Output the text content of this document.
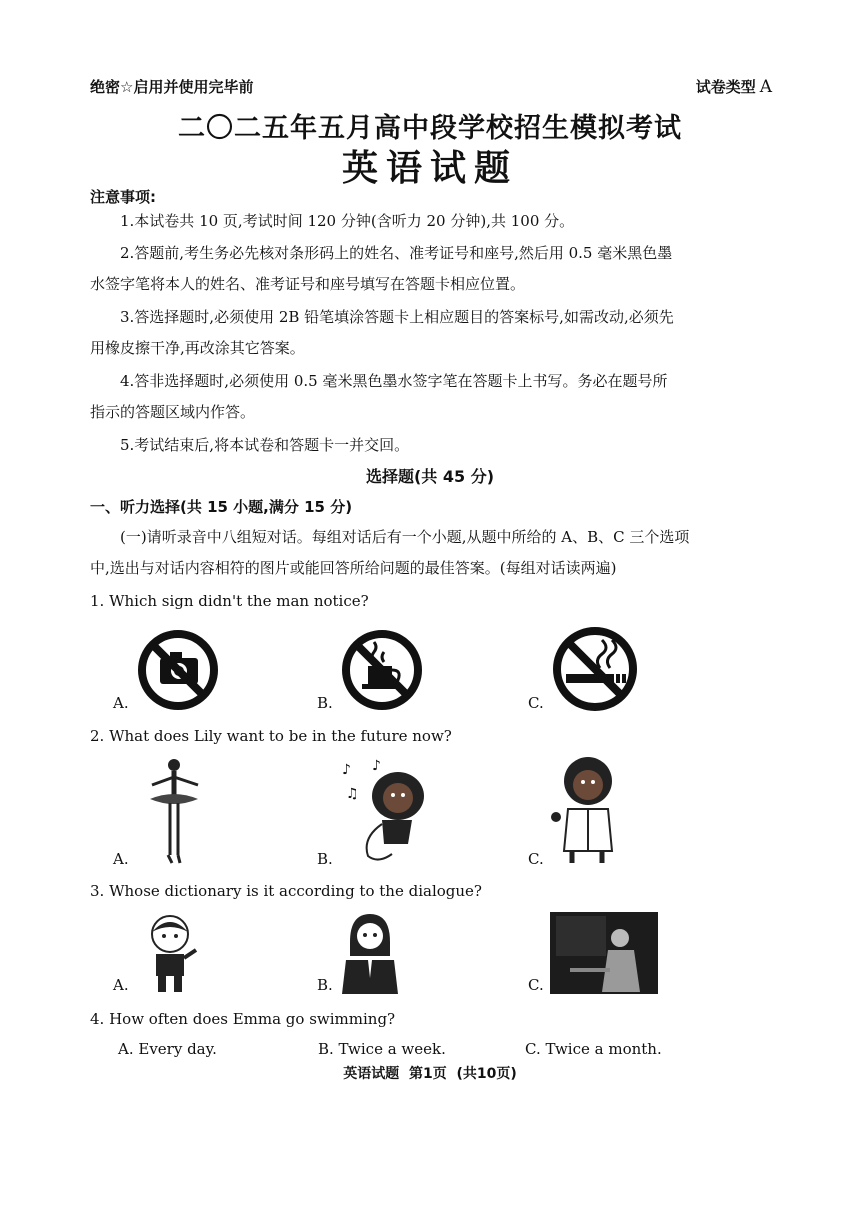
绝密☆启用并使用完毕前	试卷类型 A
二〇二五年五月高中段学校招生模拟考试
英语试题
注意事项:
1.本试卷共 10 页,考试时间 120 分钟(含听力 20 分钟),共 100 分。
2.答题前,考生务必先核对条形码上的姓名、准考证号和座号,然后用 0.5 毫米黑色墨
水签字笔将本人的姓名、准考证号和座号填写在答题卡相应位置。
3.答选择题时,必须使用 2B 铅笔填涂答题卡上相应题目的答案标号,如需改动,必须先
用橡皮擦干净,再改涂其它答案。
4.答非选择题时,必须使用 0.5 毫米黑色墨水签字笔在答题卡上书写。务必在题号所
指示的答题区域内作答。
5.考试结束后,将本试卷和答题卡一并交回。
选择题(共 45 分)
一、听力选择(共 15 小题,满分 15 分)
(一)请听录音中八组短对话。每组对话后有一个小题,从题中所给的 A、B、C 三个选项
中,选出与对话内容相符的图片或能回答所给问题的最佳答案。(每组对话读两遍)
1. Which sign didn't the man notice?
A.	B.	C.
2. What does Lily want to be in the future now?
♪ ♪
♫
A.	B.	C.
3. Whose dictionary is it according to the dialogue?
A.	B.	C.
4. How often does Emma go swimming?
A. Every day.	B. Twice a week.	C. Twice a month.
英语试题  第1页  (共10页)
